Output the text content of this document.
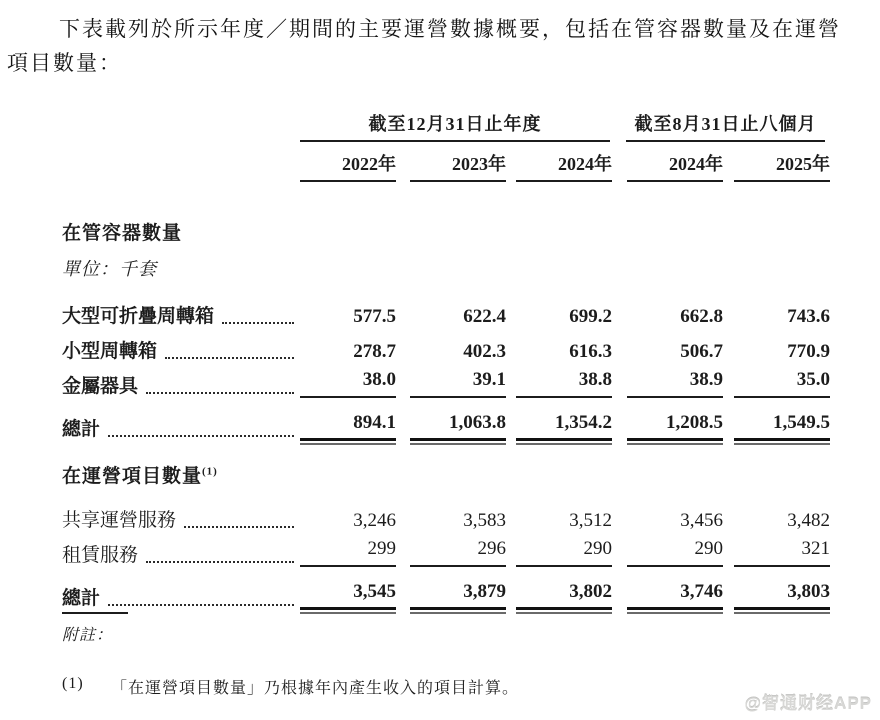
下表載列於所示年度／期間的主要運營數據概要，包括在管容器數量及在運營
項目數量：
截至12月31日止年度	截至8月31日止八個月
2022年	2023年	2024年	2024年	2025年
在管容器數量
單位：千套
大型可折疊周轉箱	577.5	622.4	699.2	662.8	743.6
小型周轉箱	278.7	402.3	616.3	506.7	770.9
金屬器具	38.0	39.1	38.8	38.9	35.0
總計	894.1	1,063.8	1,354.2	1,208.5	1,549.5
在運營項目數量$^{(1)}$
共享運營服務	3,246	3,583	3,512	3,456	3,482
租賃服務	299	296	290	290	321
總計	3,545	3,879	3,802	3,746	3,803
附註：
(1)	「在運營項目數量」乃根據年內產生收入的項目計算。
@智通财经APP
